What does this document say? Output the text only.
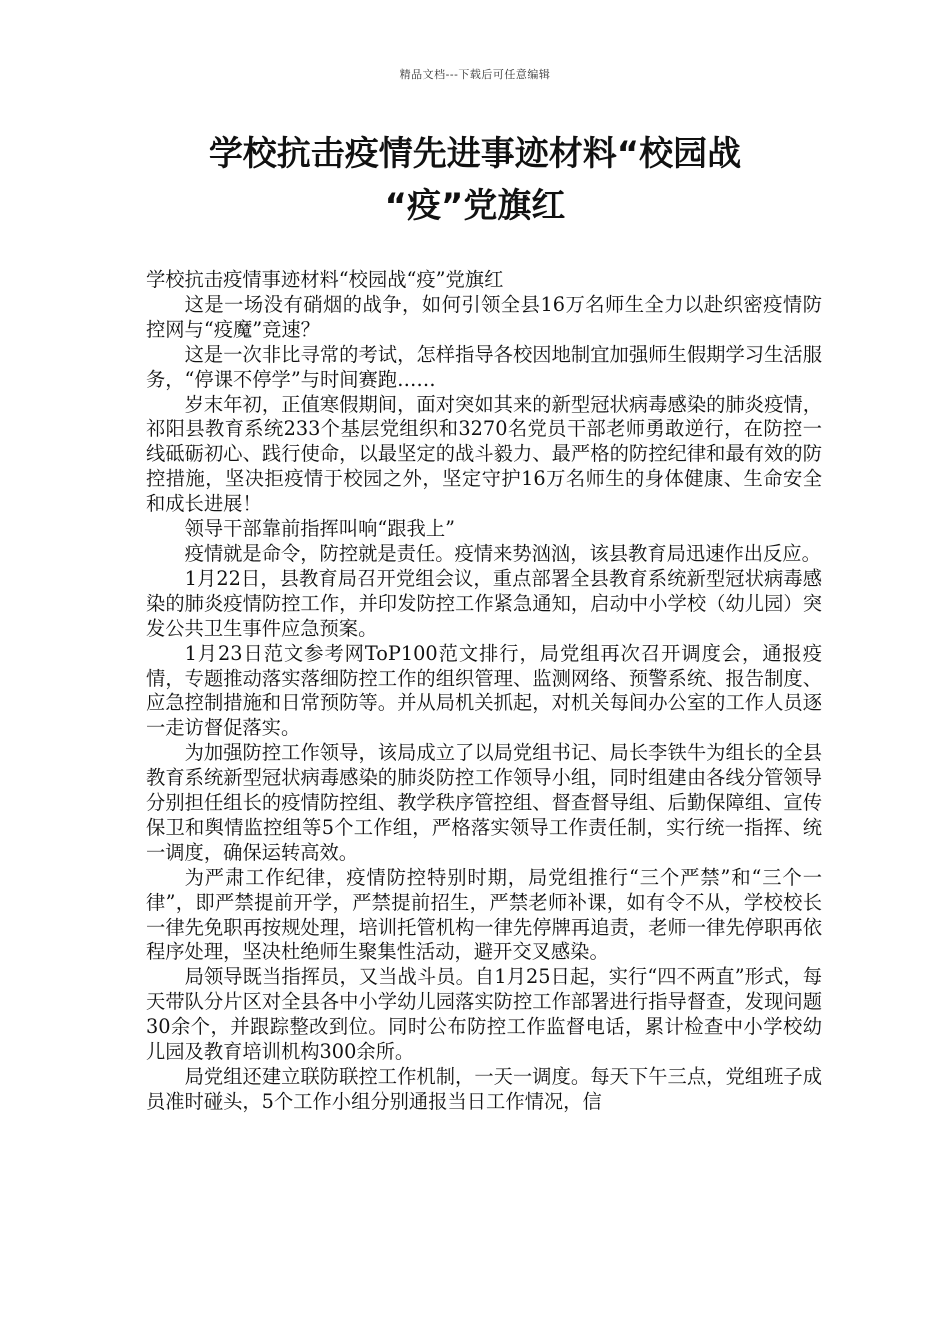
精品文档---下载后可任意编辑
学校抗击疫情先进事迹材料“校园战
“疫”党旗红

学校抗击疫情事迹材料“校园战“疫”党旗红

这是一场没有硝烟的战争，如何引领全县16万名师生全力以赴织密疫情防控网与“疫魔”竞速？

这是一次非比寻常的考试，怎样指导各校因地制宜加强师生假期学习生活服务，“停课不停学”与时间赛跑……

岁末年初，正值寒假期间，面对突如其来的新型冠状病毒感染的肺炎疫情，祁阳县教育系统233个基层党组织和3270名党员干部老师勇敢逆行，在防控一线砥砺初心、践行使命，以最坚定的战斗毅力、最严格的防控纪律和最有效的防控措施，坚决拒疫情于校园之外，坚定守护16万名师生的身体健康、生命安全和成长进展！

领导干部靠前指挥叫响“跟我上”

疫情就是命令，防控就是责任。疫情来势汹汹，该县教育局迅速作出反应。

1月22日，县教育局召开党组会议，重点部署全县教育系统新型冠状病毒感染的肺炎疫情防控工作，并印发防控工作紧急通知，启动中小学校（幼儿园）突发公共卫生事件应急预案。

1月23日范文参考网ToP100范文排行，局党组再次召开调度会，通报疫情，专题推动落实落细防控工作的组织管理、监测网络、预警系统、报告制度、应急控制措施和日常预防等。并从局机关抓起，对机关每间办公室的工作人员逐一走访督促落实。

为加强防控工作领导，该局成立了以局党组书记、局长李铁牛为组长的全县教育系统新型冠状病毒感染的肺炎防控工作领导小组，同时组建由各线分管领导分别担任组长的疫情防控组、教学秩序管控组、督查督导组、后勤保障组、宣传保卫和舆情监控组等5个工作组，严格落实领导工作责任制，实行统一指挥、统一调度，确保运转高效。

为严肃工作纪律，疫情防控特别时期，局党组推行“三个严禁”和“三个一律”，即严禁提前开学，严禁提前招生，严禁老师补课，如有令不从，学校校长一律先免职再按规处理，培训托管机构一律先停牌再追责，老师一律先停职再依程序处理，坚决杜绝师生聚集性活动，避开交叉感染。

局领导既当指挥员，又当战斗员。自1月25日起，实行“四不两直”形式，每天带队分片区对全县各中小学幼儿园落实防控工作部署进行指导督查，发现问题30余个，并跟踪整改到位。同时公布防控工作监督电话，累计检查中小学校幼儿园及教育培训机构300余所。

局党组还建立联防联控工作机制，一天一调度。每天下午三点，党组班子成员准时碰头，5个工作小组分别通报当日工作情况，信
